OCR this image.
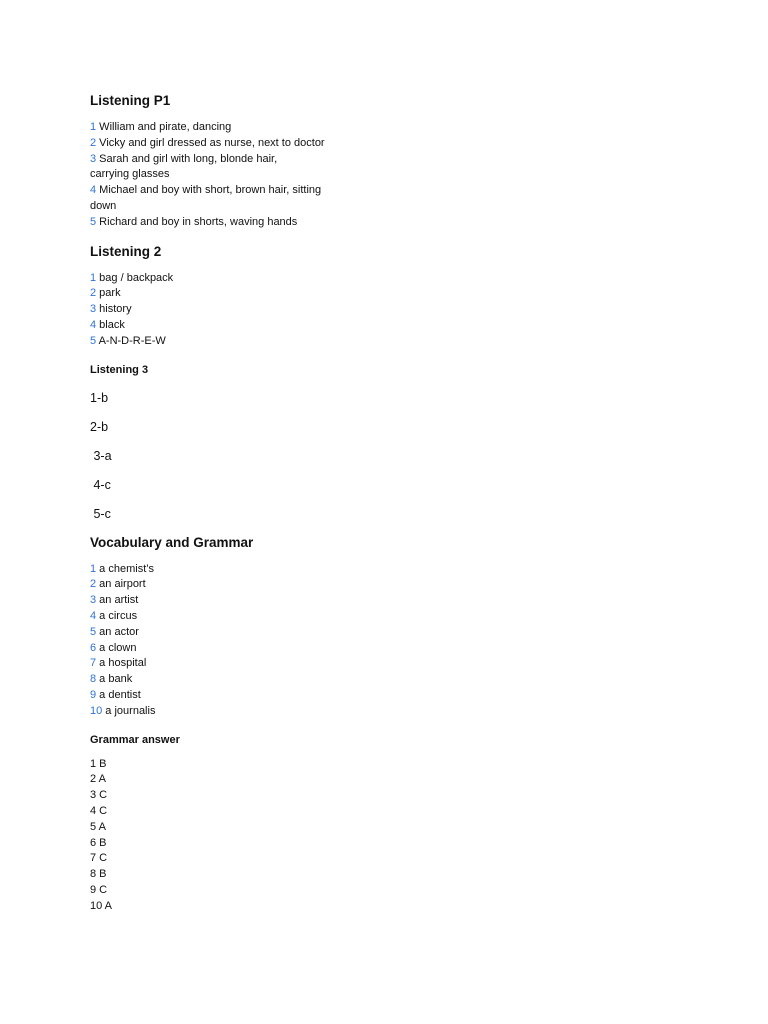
Listening P1
1 William and pirate, dancing
2 Vicky and girl dressed as nurse, next to doctor
3 Sarah and girl with long, blonde hair,
carrying glasses
4 Michael and boy with short, brown hair, sitting
down
5 Richard and boy in shorts, waving hands
Listening 2
1 bag / backpack
2 park
3 history
4 black
5 A-N-D-R-E-W
Listening 3

1-b

2-b

3-a

4-c

5-c

Vocabulary and Grammar
1 a chemist’s
2 an airport
3 an artist
4 a circus
5 an actor
6 a clown
7 a hospital
8 a bank
9 a dentist
10 a journalis
Grammar answer
1 B
2 A
3 C
4 C
5 A
6 B
7 C
8 B
9 C
10 A
